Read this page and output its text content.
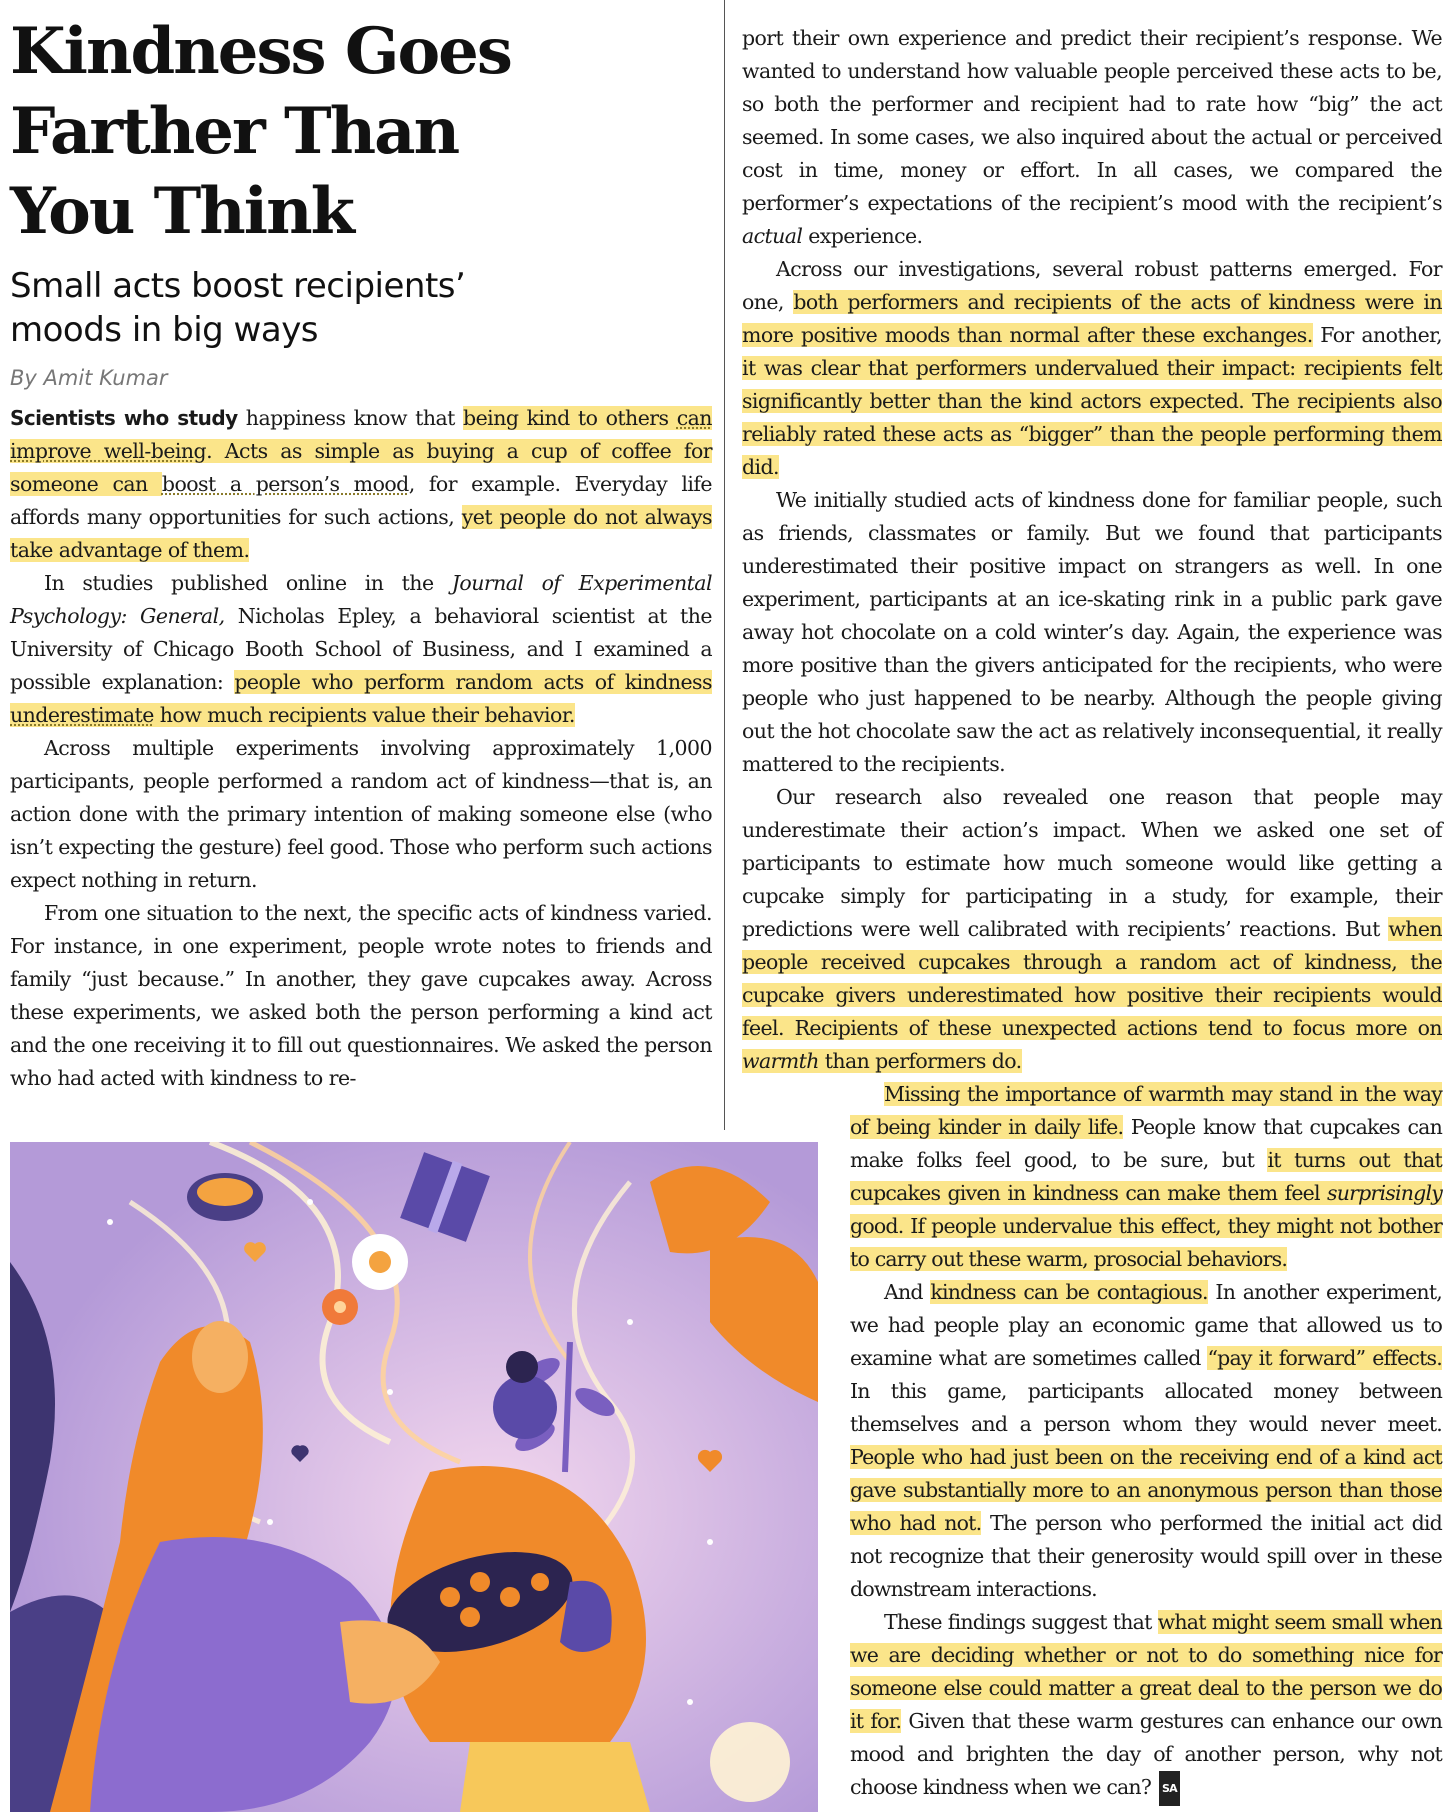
Kindness Goes
Farther Than
You Think
Small acts boost recipients’
moods in big ways
By Amit Kumar

Scientists who study happiness know that being kind to others can improve well-being. Acts as simple as buying a cup of coffee for someone can boost a person’s mood, for example. Everyday life affords many opportunities for such actions, yet people do not always take advantage of them.

In studies published online in the Journal of Experimental Psychology: General, Nicholas Epley, a behavioral scientist at the University of Chicago Booth School of Business, and I examined a possible explanation: people who perform random acts of kindness underestimate how much recipients value their behavior.

Across multiple experiments involving approximately 1,000 participants, people performed a random act of kindness—that is, an action done with the primary intention of making someone else (who isn’t expecting the gesture) feel good. Those who perform such actions expect nothing in return.

From one situation to the next, the specific acts of kindness varied. For instance, in one experiment, people wrote notes to friends and family “just because.” In another, they gave cupcakes away. Across these experiments, we asked both the person performing a kind act and the one receiving it to fill out questionnaires. We asked the person who had acted with kindness to re-

port their own experience and predict their recipient’s response. We wanted to understand how valuable people perceived these acts to be, so both the performer and recipient had to rate how “big” the act seemed. In some cases, we also inquired about the actual or perceived cost in time, money or effort. In all cases, we compared the performer’s expectations of the recipient’s mood with the recipient’s actual experience.

Across our investigations, several robust patterns emerged. For one, both performers and recipients of the acts of kindness were in more positive moods than normal after these exchanges. For another, it was clear that performers undervalued their impact: recipients felt significantly better than the kind actors expected. The recipients also reliably rated these acts as “bigger” than the people performing them did.

We initially studied acts of kindness done for familiar people, such as friends, classmates or family. But we found that participants underestimated their positive impact on strangers as well. In one experiment, participants at an ice-skating rink in a public park gave away hot chocolate on a cold winter’s day. Again, the experience was more positive than the givers anticipated for the recipients, who were people who just happened to be nearby. Although the people giving out the hot chocolate saw the act as relatively inconsequential, it really mattered to the recipients.

Our research also revealed one reason that people may underestimate their action’s impact. When we asked one set of participants to estimate how much someone would like getting a cupcake simply for participating in a study, for example, their predictions were well calibrated with recipients’ reactions. But when people received cupcakes through a random act of kindness, the cupcake givers underestimated how positive their recipients would feel. Recipients of these unexpected actions tend to focus more on warmth than performers do.

Missing the importance of warmth may stand in the way of being kinder in daily life. People know that cupcakes can make folks feel good, to be sure, but it turns out that cupcakes given in kindness can make them feel surprisingly good. If people undervalue this effect, they might not bother to carry out these warm, prosocial behaviors.

And kindness can be contagious. In another experiment, we had people play an economic game that allowed us to examine what are sometimes called “pay it forward” effects. In this game, participants allocated money between themselves and a person whom they would never meet. People who had just been on the receiving end of a kind act gave substantially more to an anonymous person than those who had not. The person who performed the initial act did not recognize that their generosity would spill over in these downstream interactions.

These findings suggest that what might seem small when we are deciding whether or not to do something nice for someone else could matter a great deal to the person we do it for. Given that these warm gestures can enhance our own mood and brighten the day of another person, why not choose kindness when we can? SA
